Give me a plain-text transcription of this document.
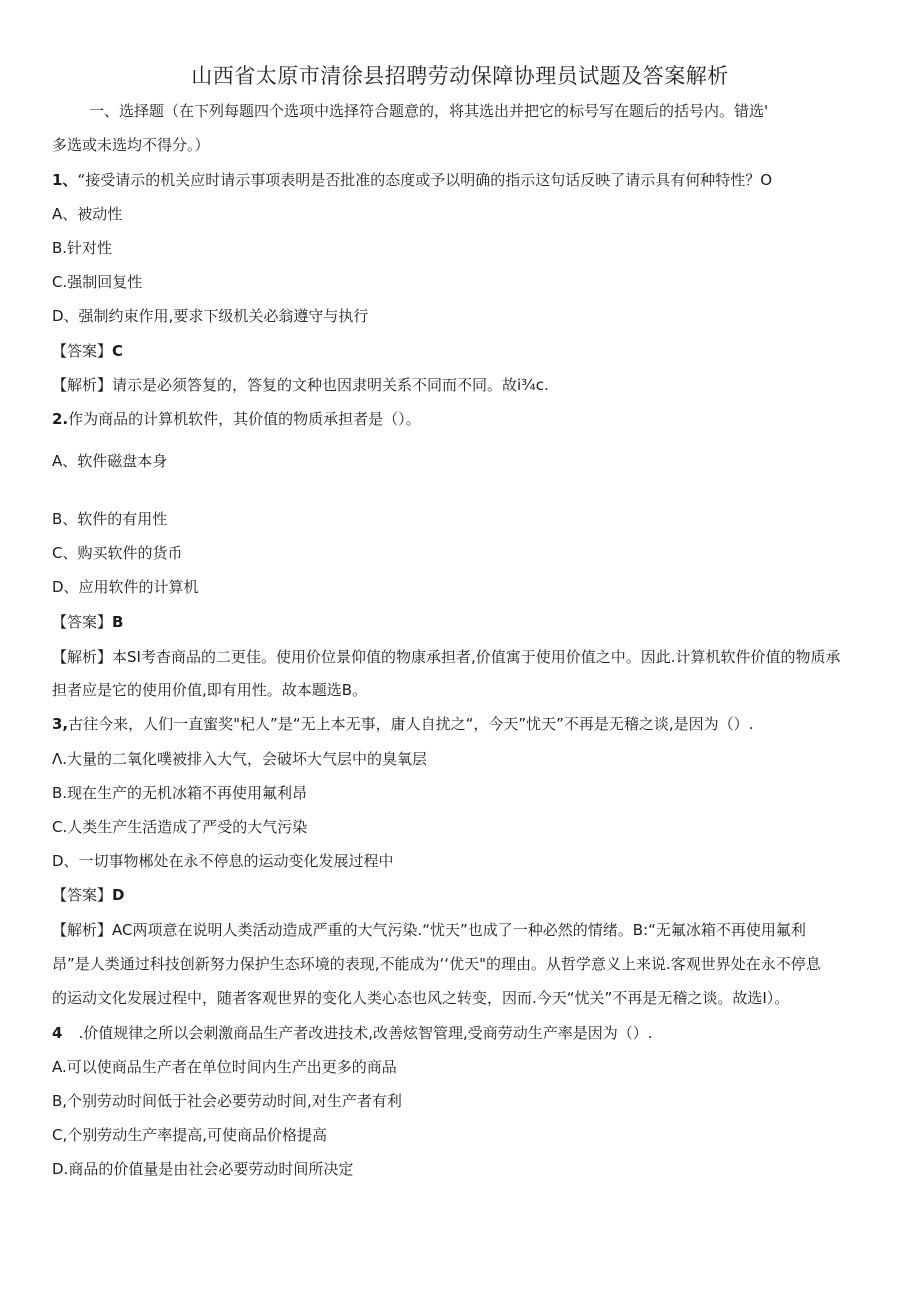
山西省太原市清徐县招聘劳动保障协理员试题及答案解析
一、选择题（在下列每题四个选项中选择符合题意的，将其选出并把它的标号写在题后的括号内。错选'
多选或未选均不得分。）
1、“接受请示的机关应时请示事项表明是否批准的态度或予以明确的指示这句话反映了请示具有何种特性？O
A、被动性
B.针对性
C.强制回复性
D、强制约束作用,要求下级机关必翁遵守与执行
【答案】C
【解析】请示是必须答复的，答复的文种也因隶明关系不同而不同。故i¾c.
2.作为商品的计算机软件，其价值的物质承担者是（）。
A、软件磁盘本身
B、软件的有用性
C、购买软件的货币
D、应用软件的计算机
【答案】B
【解析】本SI考杳商品的二更佳。使用价位景仰值的物康承担者,价值寓于使用价值之中。因此.计算机软件价值的物质承
担者应是它的使用价值,即有用性。故本题选B。
3,古往今来，人们一直蜜奖"杞人”是“无上本无事，庸人自扰之“，今天”忧天”不再是无稽之谈,是因为（）.
Λ.大量的二氧化噗被排入大气，会破坏大气层中的臭氧层
B.现在生产的无机冰箱不再使用氟利昂
C.人类生产生活造成了严受的大气污染
D、一切事物郴处在永不停息的运动变化发展过程中
【答案】D
【解析】AC两项意在说明人类活动造成严重的大气污染.“忧天”也成了一种必然的情绪。B:“无氟冰箱不再使用氟利
昂”是人类通过科技创新努力保护生态环境的表现,不能成为‘‘优天"的理由。从哲学意义上来说.客观世界处在永不停息
的运动文化发展过程中，随者客观世界的变化人类心态也风之转变，因而.今天“忧关”不再是无稽之谈。故选I）。
4 .价值规律之所以会刺激商品生产者改进技术,改善炫智管理,受商劳动生产率是因为（）.
A.可以使商品生产者在单位时间内生产出更多的商品
B,个别劳动时间低于社会必要劳动时间,对生产者有利
C,个别劳动生产率提高,可使商品价格提高
D.商品的价值量是由社会必要劳动时间所决定
